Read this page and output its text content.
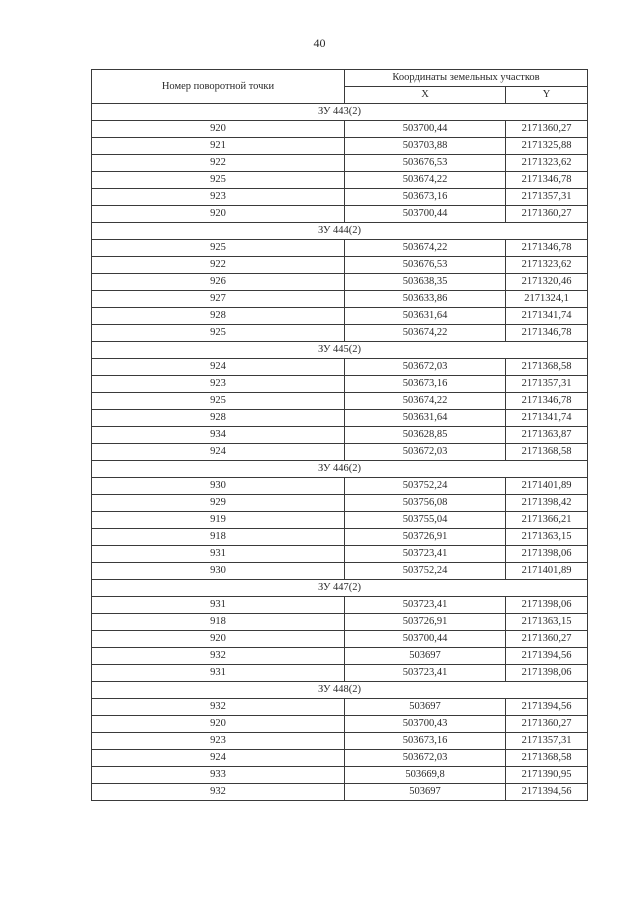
40
Номер поворотной точки	Координаты земельных участков	
	X	Y
ЗУ 443(2)		
920	503700,44	2171360,27
921	503703,88	2171325,88
922	503676,53	2171323,62
925	503674,22	2171346,78
923	503673,16	2171357,31
920	503700,44	2171360,27
ЗУ 444(2)		
925	503674,22	2171346,78
922	503676,53	2171323,62
926	503638,35	2171320,46
927	503633,86	2171324,1
928	503631,64	2171341,74
925	503674,22	2171346,78
ЗУ 445(2)		
924	503672,03	2171368,58
923	503673,16	2171357,31
925	503674,22	2171346,78
928	503631,64	2171341,74
934	503628,85	2171363,87
924	503672,03	2171368,58
ЗУ 446(2)		
930	503752,24	2171401,89
929	503756,08	2171398,42
919	503755,04	2171366,21
918	503726,91	2171363,15
931	503723,41	2171398,06
930	503752,24	2171401,89
ЗУ 447(2)		
931	503723,41	2171398,06
918	503726,91	2171363,15
920	503700,44	2171360,27
932	503697	2171394,56
931	503723,41	2171398,06
ЗУ 448(2)		
932	503697	2171394,56
920	503700,43	2171360,27
923	503673,16	2171357,31
924	503672,03	2171368,58
933	503669,8	2171390,95
932	503697	2171394,56
